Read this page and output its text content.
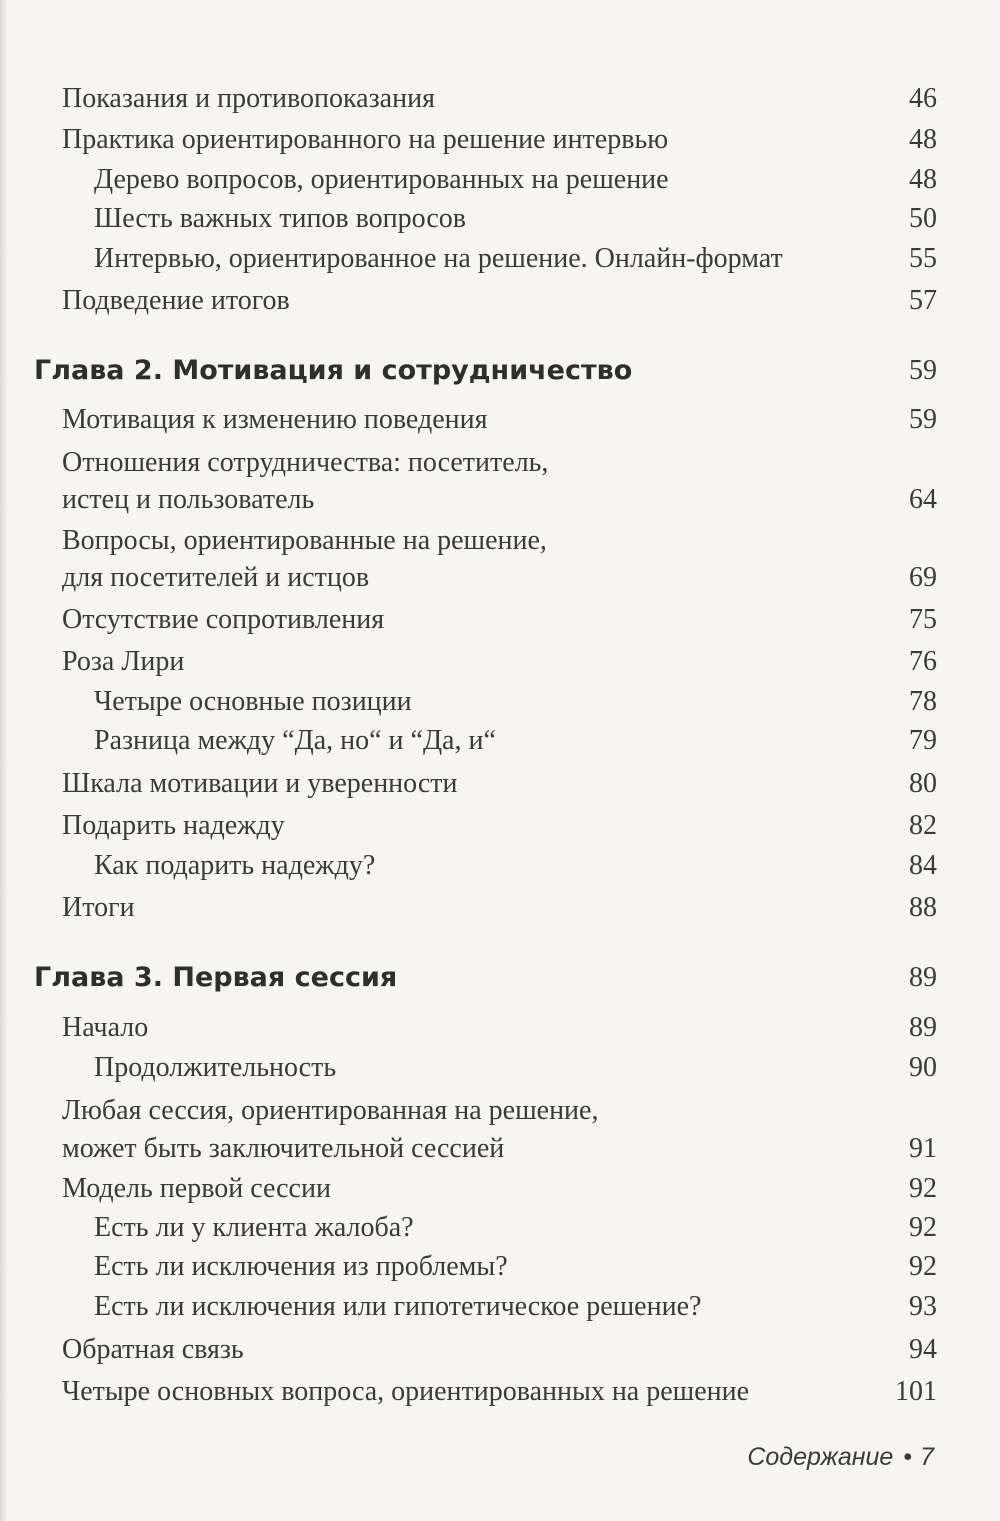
Показания и противопоказания	46
Практика ориентированного на решение интервью	48
Дерево вопросов, ориентированных на решение	48
Шесть важных типов вопросов	50
Интервью, ориентированное на решение. Онлайн-формат	55
Подведение итогов	57
Глава 2. Мотивация и сотрудничество	59
Мотивация к изменению поведения	59
Отношения сотрудничества: посетитель,
истец и пользователь	64
Вопросы, ориентированные на решение,
для посетителей и истцов	69
Отсутствие сопротивления	75
Роза Лири	76
Четыре основные позиции	78
Разница между “Да, но“ и “Да, и“	79
Шкала мотивации и уверенности	80
Подарить надежду	82
Как подарить надежду?	84
Итоги	88
Глава 3. Первая сессия	89
Начало	89
Продолжительность	90
Любая сессия, ориентированная на решение,
может быть заключительной сессией	91
Модель первой сессии	92
Есть ли у клиента жалоба?	92
Есть ли исключения из проблемы?	92
Есть ли исключения или гипотетическое решение?	93
Обратная связь	94
Четыре основных вопроса, ориентированных на решение	101
Содержание • 7
